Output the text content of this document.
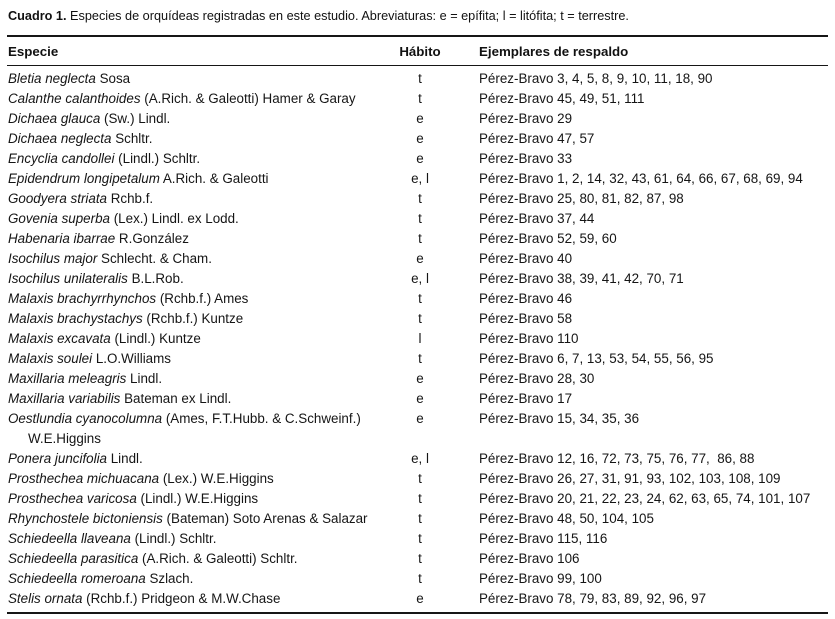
Cuadro 1. Especies de orquídeas registradas en este estudio. Abreviaturas: e = epífita; l = litófita; t = terrestre.
Especie	Hábito	Ejemplares de respaldo
Bletia neglecta Sosa	t	Pérez-Bravo 3, 4, 5, 8, 9, 10, 11, 18, 90
Calanthe calanthoides (A.Rich. & Galeotti) Hamer & Garay	t	Pérez-Bravo 45, 49, 51, 111
Dichaea glauca (Sw.) Lindl.	e	Pérez-Bravo 29
Dichaea neglecta Schltr.	e	Pérez-Bravo 47, 57
Encyclia candollei (Lindl.) Schltr.	e	Pérez-Bravo 33
Epidendrum longipetalum A.Rich. & Galeotti	e, l	Pérez-Bravo 1, 2, 14, 32, 43, 61, 64, 66, 67, 68, 69, 94
Goodyera striata Rchb.f.	t	Pérez-Bravo 25, 80, 81, 82, 87, 98
Govenia superba (Lex.) Lindl. ex Lodd.	t	Pérez-Bravo 37, 44
Habenaria ibarrae R.González	t	Pérez-Bravo 52, 59, 60
Isochilus major Schlecht. & Cham.	e	Pérez-Bravo 40
Isochilus unilateralis B.L.Rob.	e, l	Pérez-Bravo 38, 39, 41, 42, 70, 71
Malaxis brachyrrhynchos (Rchb.f.) Ames	t	Pérez-Bravo 46
Malaxis brachystachys (Rchb.f.) Kuntze	t	Pérez-Bravo 58
Malaxis excavata (Lindl.) Kuntze	l	Pérez-Bravo 110
Malaxis soulei L.O.Williams	t	Pérez-Bravo 6, 7, 13, 53, 54, 55, 56, 95
Maxillaria meleagris Lindl.	e	Pérez-Bravo 28, 30
Maxillaria variabilis Bateman ex Lindl.	e	Pérez-Bravo 17
Oestlundia cyanocolumna (Ames, F.T.Hubb. & C.Schweinf.) W.E.Higgins	e	Pérez-Bravo 15, 34, 35, 36
Ponera juncifolia Lindl.	e, l	Pérez-Bravo 12, 16, 72, 73, 75, 76, 77,  86, 88
Prosthechea michuacana (Lex.) W.E.Higgins	t	Pérez-Bravo 26, 27, 31, 91, 93, 102, 103, 108, 109
Prosthechea varicosa (Lindl.) W.E.Higgins	t	Pérez-Bravo 20, 21, 22, 23, 24, 62, 63, 65, 74, 101, 107
Rhynchostele bictoniensis (Bateman) Soto Arenas & Salazar	t	Pérez-Bravo 48, 50, 104, 105
Schiedeella llaveana (Lindl.) Schltr.	t	Pérez-Bravo 115, 116
Schiedeella parasitica (A.Rich. & Galeotti) Schltr.	t	Pérez-Bravo 106
Schiedeella romeroana Szlach.	t	Pérez-Bravo 99, 100
Stelis ornata (Rchb.f.) Pridgeon & M.W.Chase	e	Pérez-Bravo 78, 79, 83, 89, 92, 96, 97
